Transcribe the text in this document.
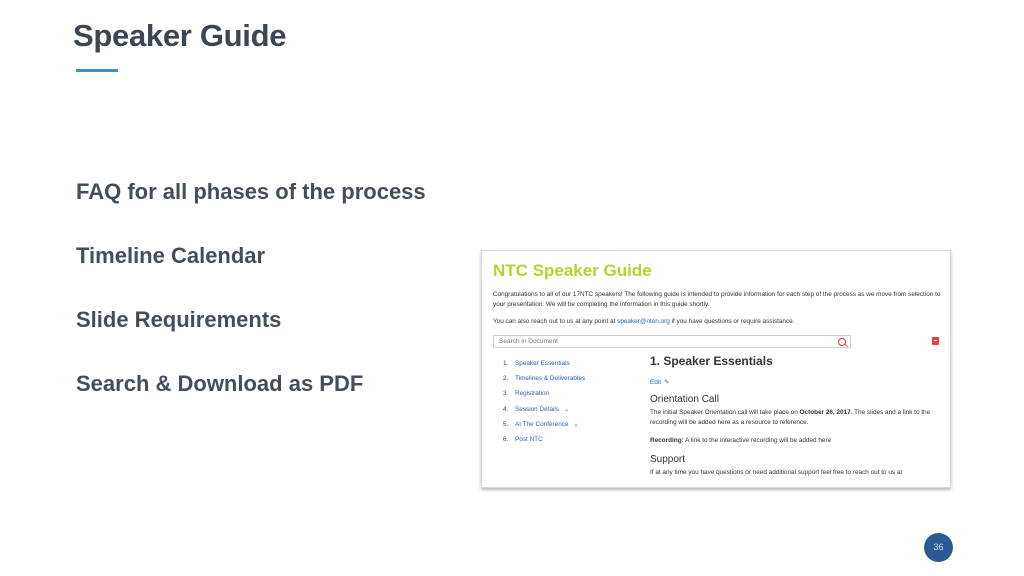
Speaker Guide
FAQ for all phases of the process
Timeline Calendar
Slide Requirements
Search & Download as PDF
NTC Speaker Guide
Congratulations to all of our 17NTC speakers! The following guide is intended to provide information for each step of the process as we move from selection to your presentation. We will be completing the information in this guide shortly.
You can also reach out to us at any point at speaker@nten.org if you have questions or require assistance.
Search in Document
1. Speaker Essentials
2. Timelines & Deliverables
3. Registration
4. Session Details ⌄
5. At The Conference ⌄
6. Post NTC
1. Speaker Essentials
Edit ✎
Orientation Call
The initial Speaker Orientation call will take place on October 26, 2017. The slides and a link to the recording will be added here as a resource to reference.
Recording: A link to the interactive recording will be added here
Support
If at any time you have questions or need additional support feel free to reach out to us at
36
